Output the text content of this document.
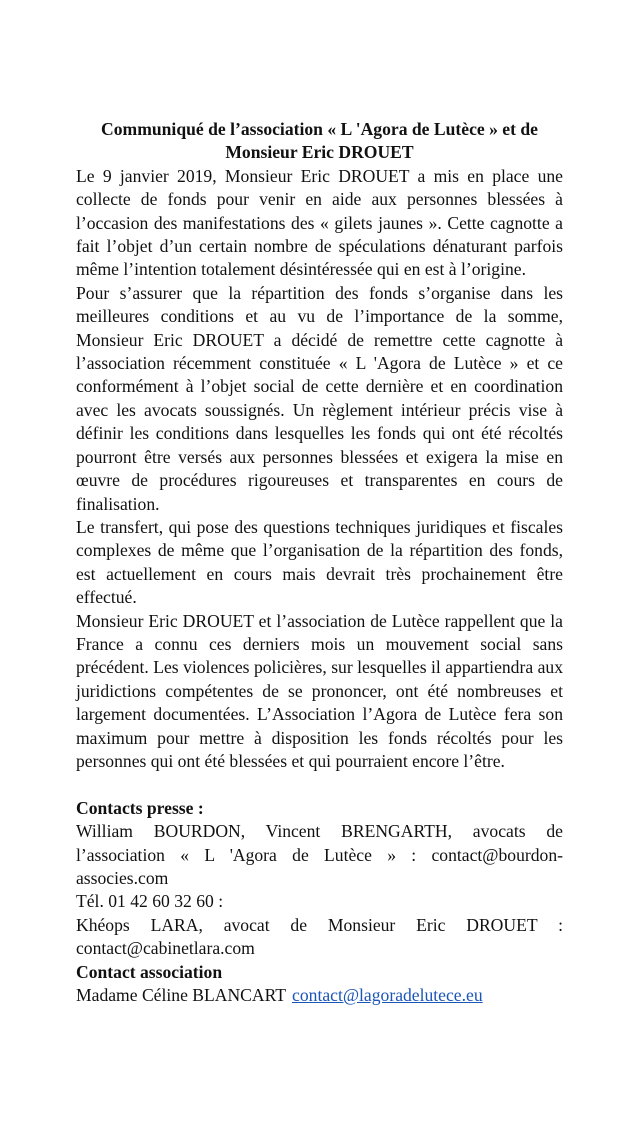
Communiqué de l’association « L 'Agora de Lutèce » et de Monsieur Eric DROUET

Le 9 janvier 2019, Monsieur Eric DROUET a mis en place une collecte de fonds pour venir en aide aux personnes blessées à l’occasion des manifestations des « gilets jaunes ». Cette cagnotte a fait l’objet d’un certain nombre de spéculations dénaturant parfois même l’intention totalement désintéressée qui en est à l’origine.

Pour s’assurer que la répartition des fonds s’organise dans les meilleures conditions et au vu de l’importance de la somme, Monsieur Eric DROUET a décidé de remettre cette cagnotte à l’association récemment constituée « L 'Agora de Lutèce » et ce conformément à l’objet social de cette dernière et en coordination avec les avocats soussignés. Un règlement intérieur précis vise à définir les conditions dans lesquelles les fonds qui ont été récoltés pourront être versés aux personnes blessées et exigera la mise en œuvre de procédures rigoureuses et transparentes en cours de finalisation.

Le transfert, qui pose des questions techniques juridiques et fiscales complexes de même que l’organisation de la répartition des fonds, est actuellement en cours mais devrait très prochainement être effectué.

Monsieur Eric DROUET et l’association de Lutèce rappellent que la France a connu ces derniers mois un mouvement social sans précédent. Les violences policières, sur lesquelles il appartiendra aux juridictions compétentes de se prononcer, ont été nombreuses et largement documentées. L’Association l’Agora de Lutèce fera son maximum pour mettre à disposition les fonds récoltés pour les personnes qui ont été blessées et qui pourraient encore l’être.

Contacts presse :

William BOURDON, Vincent BRENGARTH, avocats de l’association « L 'Agora de Lutèce » : contact@bourdon-associes.com

Tél. 01 42 60 32 60 :

Khéops LARA, avocat de Monsieur Eric DROUET : contact@cabinetlara.com

Contact association

Madame Céline BLANCART contact@lagoradelutece.eu
